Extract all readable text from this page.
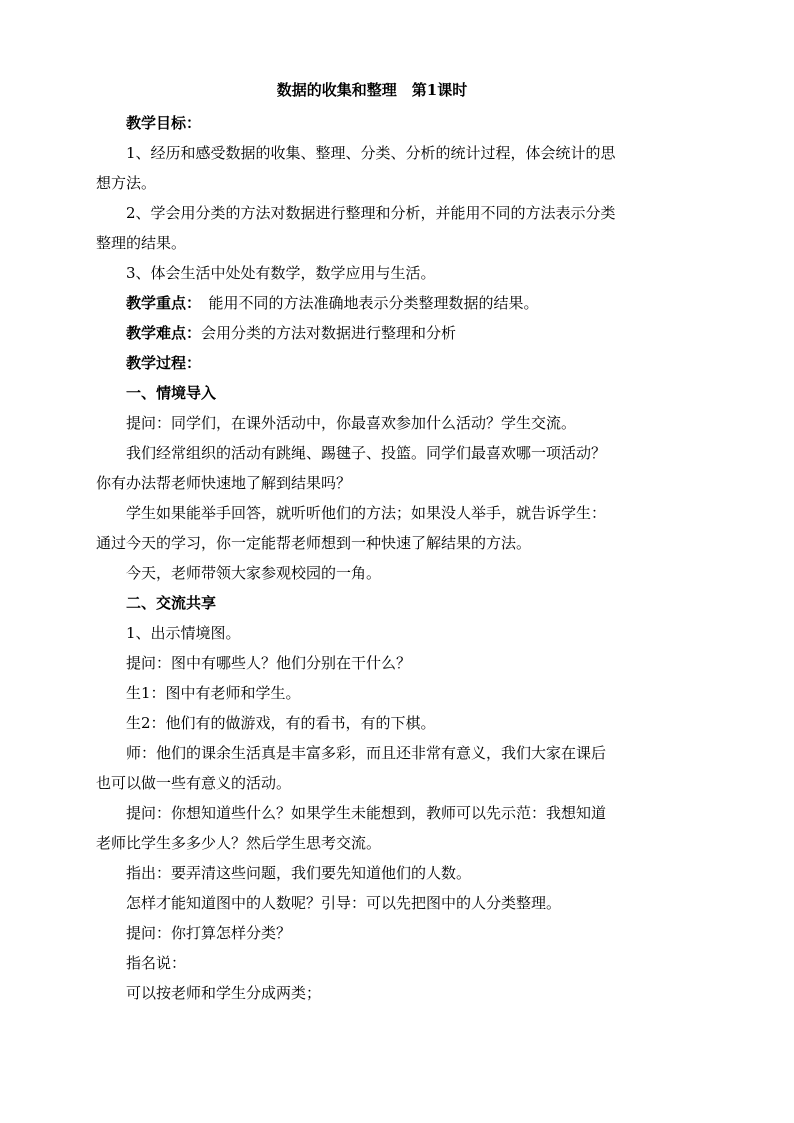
数据的收集和整理　第1课时

教学目标：

1、经历和感受数据的收集、整理、分类、分析的统计过程，体会统计的思想方法。

2、学会用分类的方法对数据进行整理和分析，并能用不同的方法表示分类整理的结果。

3、体会生活中处处有数学，数学应用与生活。

教学重点：　能用不同的方法准确地表示分类整理数据的结果。

教学难点：会用分类的方法对数据进行整理和分析

教学过程：

一、情境导入

提问：同学们，在课外活动中，你最喜欢参加什么活动？学生交流。

我们经常组织的活动有跳绳、踢毽子、投篮。同学们最喜欢哪一项活动？你有办法帮老师快速地了解到结果吗？

学生如果能举手回答，就听听他们的方法；如果没人举手，就告诉学生：通过今天的学习，你一定能帮老师想到一种快速了解结果的方法。

今天，老师带领大家参观校园的一角。

二、交流共享

1、出示情境图。

提问：图中有哪些人？他们分别在干什么？

生1：图中有老师和学生。

生2：他们有的做游戏，有的看书，有的下棋。

师：他们的课余生活真是丰富多彩，而且还非常有意义，我们大家在课后也可以做一些有意义的活动。

提问：你想知道些什么？如果学生未能想到，教师可以先示范：我想知道老师比学生多多少人？然后学生思考交流。

指出：要弄清这些问题，我们要先知道他们的人数。

怎样才能知道图中的人数呢？引导：可以先把图中的人分类整理。

提问：你打算怎样分类？

指名说：

可以按老师和学生分成两类；
